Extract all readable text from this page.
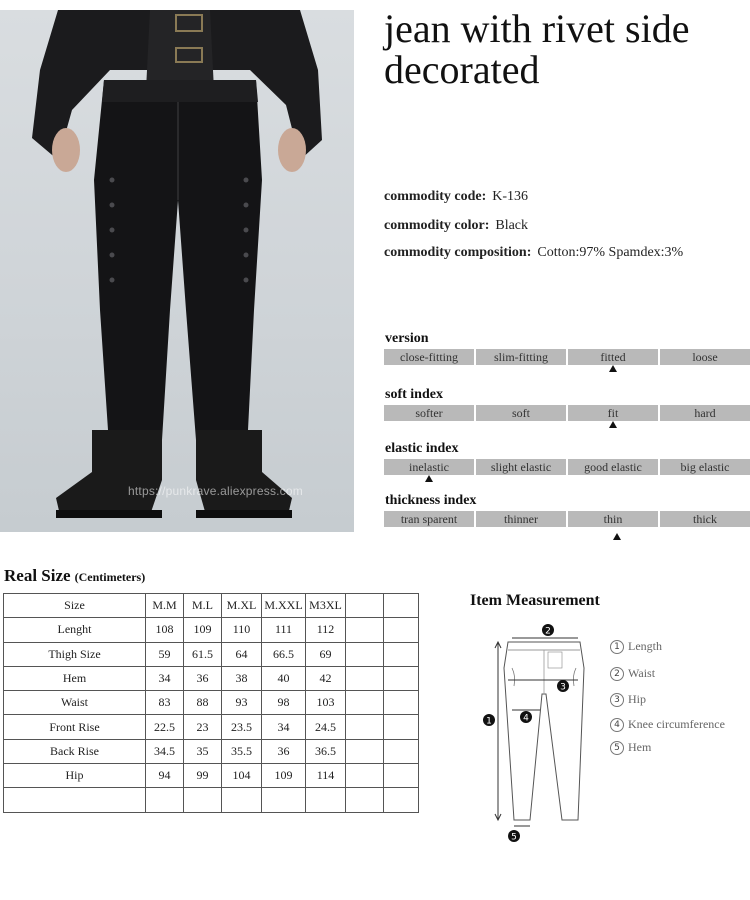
https://punkrave.aliexpress.com
jean with rivet side decorated
commodity code: K-136
commodity color: Black
commodity composition: Cotton:97% Spamdex:3%
version
close-fitting	slim-fitting	fitted	loose
soft index
softer	soft	fit	hard
elastic index
inelastic	slight elastic	good elastic	big elastic
thickness index
tran sparent	thinner	thin	thick
Real Size (Centimeters)
Size	M.M	M.L	M.XL	M.XXL	M3XL		
Lenght	108	109	110	111	112		
Thigh Size	59	61.5	64	66.5	69		
Hem	34	36	38	40	42		
Waist	83	88	93	98	103		
Front Rise	22.5	23	23.5	34	24.5		
Back Rise	34.5	35	35.5	36	36.5		
Hip	94	99	104	109	114		

Item Measurement
1
2
3
4
5
1 Length
2 Waist
3 Hip
4 Knee circumference
5 Hem
